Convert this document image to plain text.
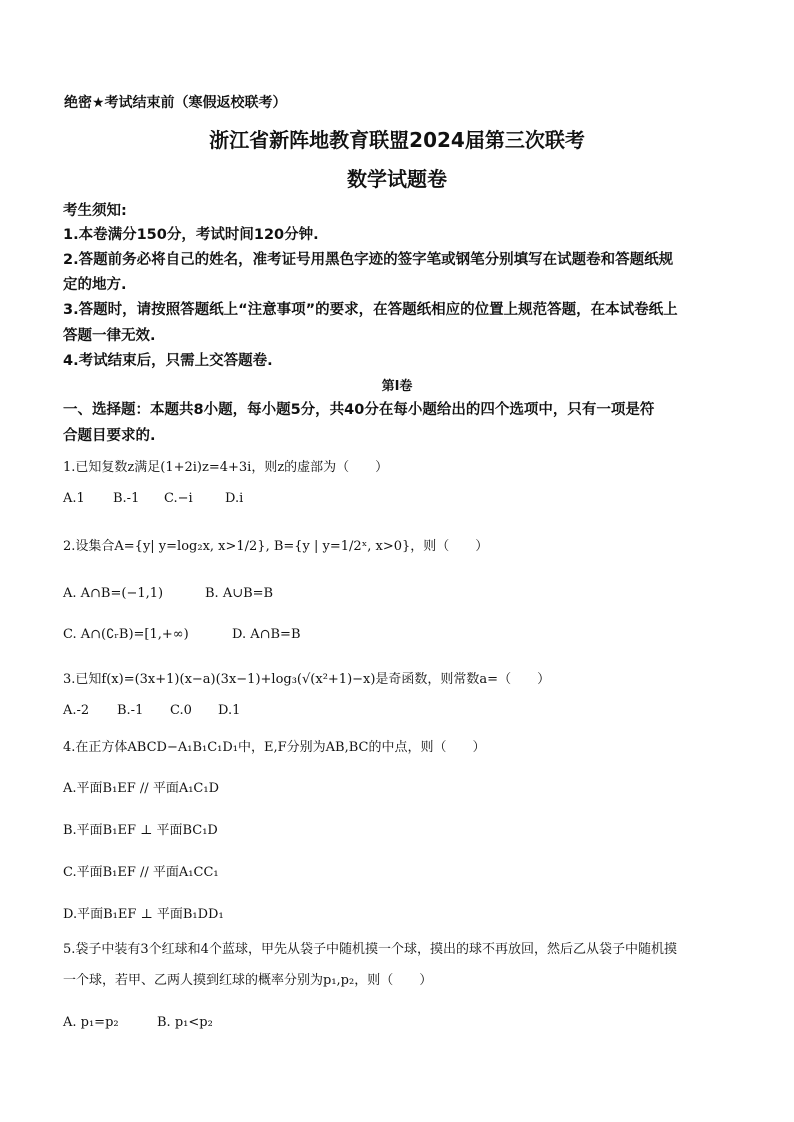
绝密★考试结束前（寒假返校联考）
浙江省新阵地教育联盟2024届第三次联考
数学试题卷
考生须知:
1.本卷满分150分，考试时间120分钟.
2.答题前务必将自己的姓名，准考证号用黑色字迹的签字笔或钢笔分别填写在试题卷和答题纸规
定的地方.
3.答题时，请按照答题纸上“注意事项”的要求，在答题纸相应的位置上规范答题，在本试卷纸上
答题一律无效.
4.考试结束后，只需上交答题卷.
第I卷
一、选择题：本题共8小题，每小题5分，共40分在每小题给出的四个选项中，只有一项是符
合题目要求的.
1.已知复数z满足(1+2i)z=4+3i，则z的虚部为（　　）
A.1 B.-1 C.−i D.i
2.设集合A={y| y=log₂x, x>1/2}, B={y | y=1/2ˣ, x>0}，则（　　）
A. A∩B=(−1,1)	B. A∪B=B
C. A∩(∁ᵣB)=[1,+∞)	D. A∩B=B
3.已知f(x)=(3x+1)(x−a)(3x−1)+log₃(√(x²+1)−x)是奇函数，则常数a=（　　）
A.-2 B.-1 C.0 D.1
4.在正方体ABCD−A₁B₁C₁D₁中，E,F分别为AB,BC的中点，则（　　）
A.平面B₁EF // 平面A₁C₁D
B.平面B₁EF ⊥ 平面BC₁D
C.平面B₁EF // 平面A₁CC₁
D.平面B₁EF ⊥ 平面B₁DD₁
5.袋子中装有3个红球和4个蓝球，甲先从袋子中随机摸一个球，摸出的球不再放回，然后乙从袋子中随机摸
一个球，若甲、乙两人摸到红球的概率分别为p₁,p₂，则（　　）
A. p₁=p₂	B. p₁<p₂
